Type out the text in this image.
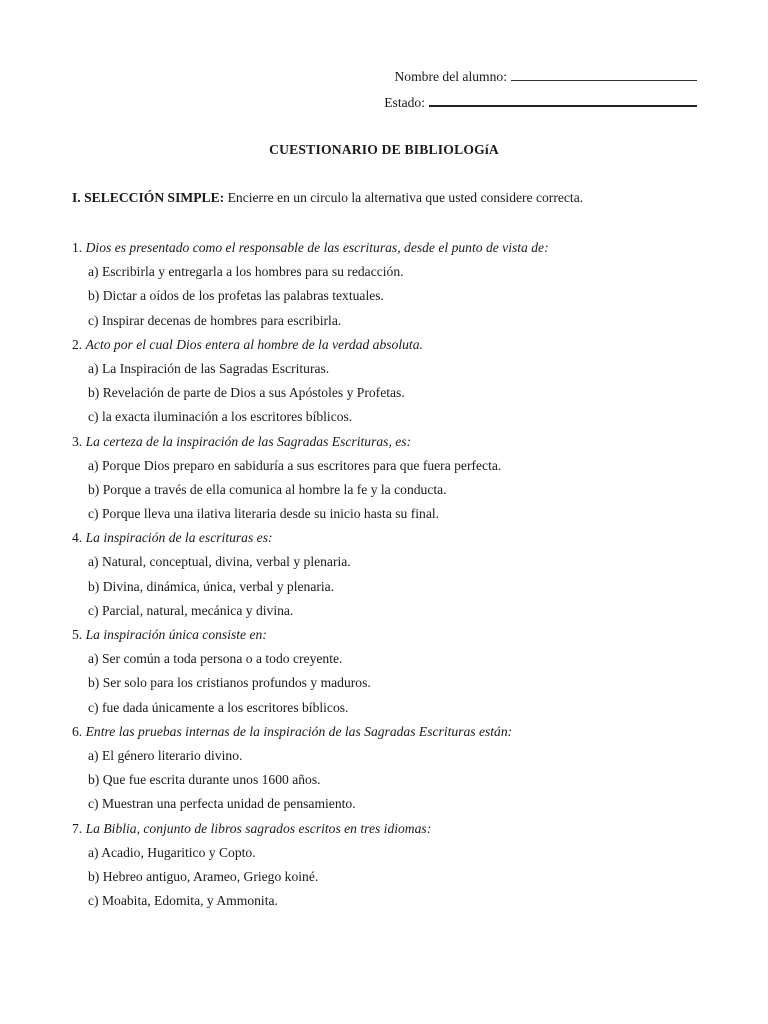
Nombre del alumno:
Estado:
CUESTIONARIO DE BIBLIOLOGíA
I. SELECCIÓN SIMPLE: Encierre en un circulo la alternativa que usted considere correcta.
1. Dios es presentado como el responsable de las escrituras, desde el punto de vista de:
a) Escribirla y entregarla a los hombres para su redacción.
b) Dictar a oídos de los profetas las palabras textuales.
c) Inspirar decenas de hombres para escribirla.
2. Acto por el cual Dios entera al hombre de la verdad absoluta.
a) La Inspiración de las Sagradas Escrituras.
b) Revelación de parte de Dios a sus Apóstoles y Profetas.
c) la exacta iluminación a los escritores bíblicos.
3. La certeza de la inspiración de las Sagradas Escrituras, es:
a) Porque Dios preparo en sabiduría a sus escritores para que fuera perfecta.
b) Porque a través de ella comunica al hombre la fe y la conducta.
c) Porque lleva una ilativa literaria desde su inicio hasta su final.
4. La inspiración de la escrituras es:
a) Natural, conceptual, divina, verbal y plenaria.
b) Divina, dinámica, única, verbal y plenaria.
c) Parcial, natural, mecánica y divina.
5. La inspiración única consiste en:
a) Ser común a toda persona o a todo creyente.
b) Ser solo para los cristianos profundos y maduros.
c) fue dada únicamente a los escritores bíblicos.
6. Entre las pruebas internas de la inspiración de las Sagradas Escrituras están:
a) El género literario divino.
b) Que fue escrita durante unos 1600 años.
c) Muestran una perfecta unidad de pensamiento.
7. La Biblia, conjunto de libros sagrados escritos en tres idiomas:
a) Acadio, Hugaritico y Copto.
b) Hebreo antiguo, Arameo, Griego koiné.
c) Moabita, Edomita, y Ammonita.
